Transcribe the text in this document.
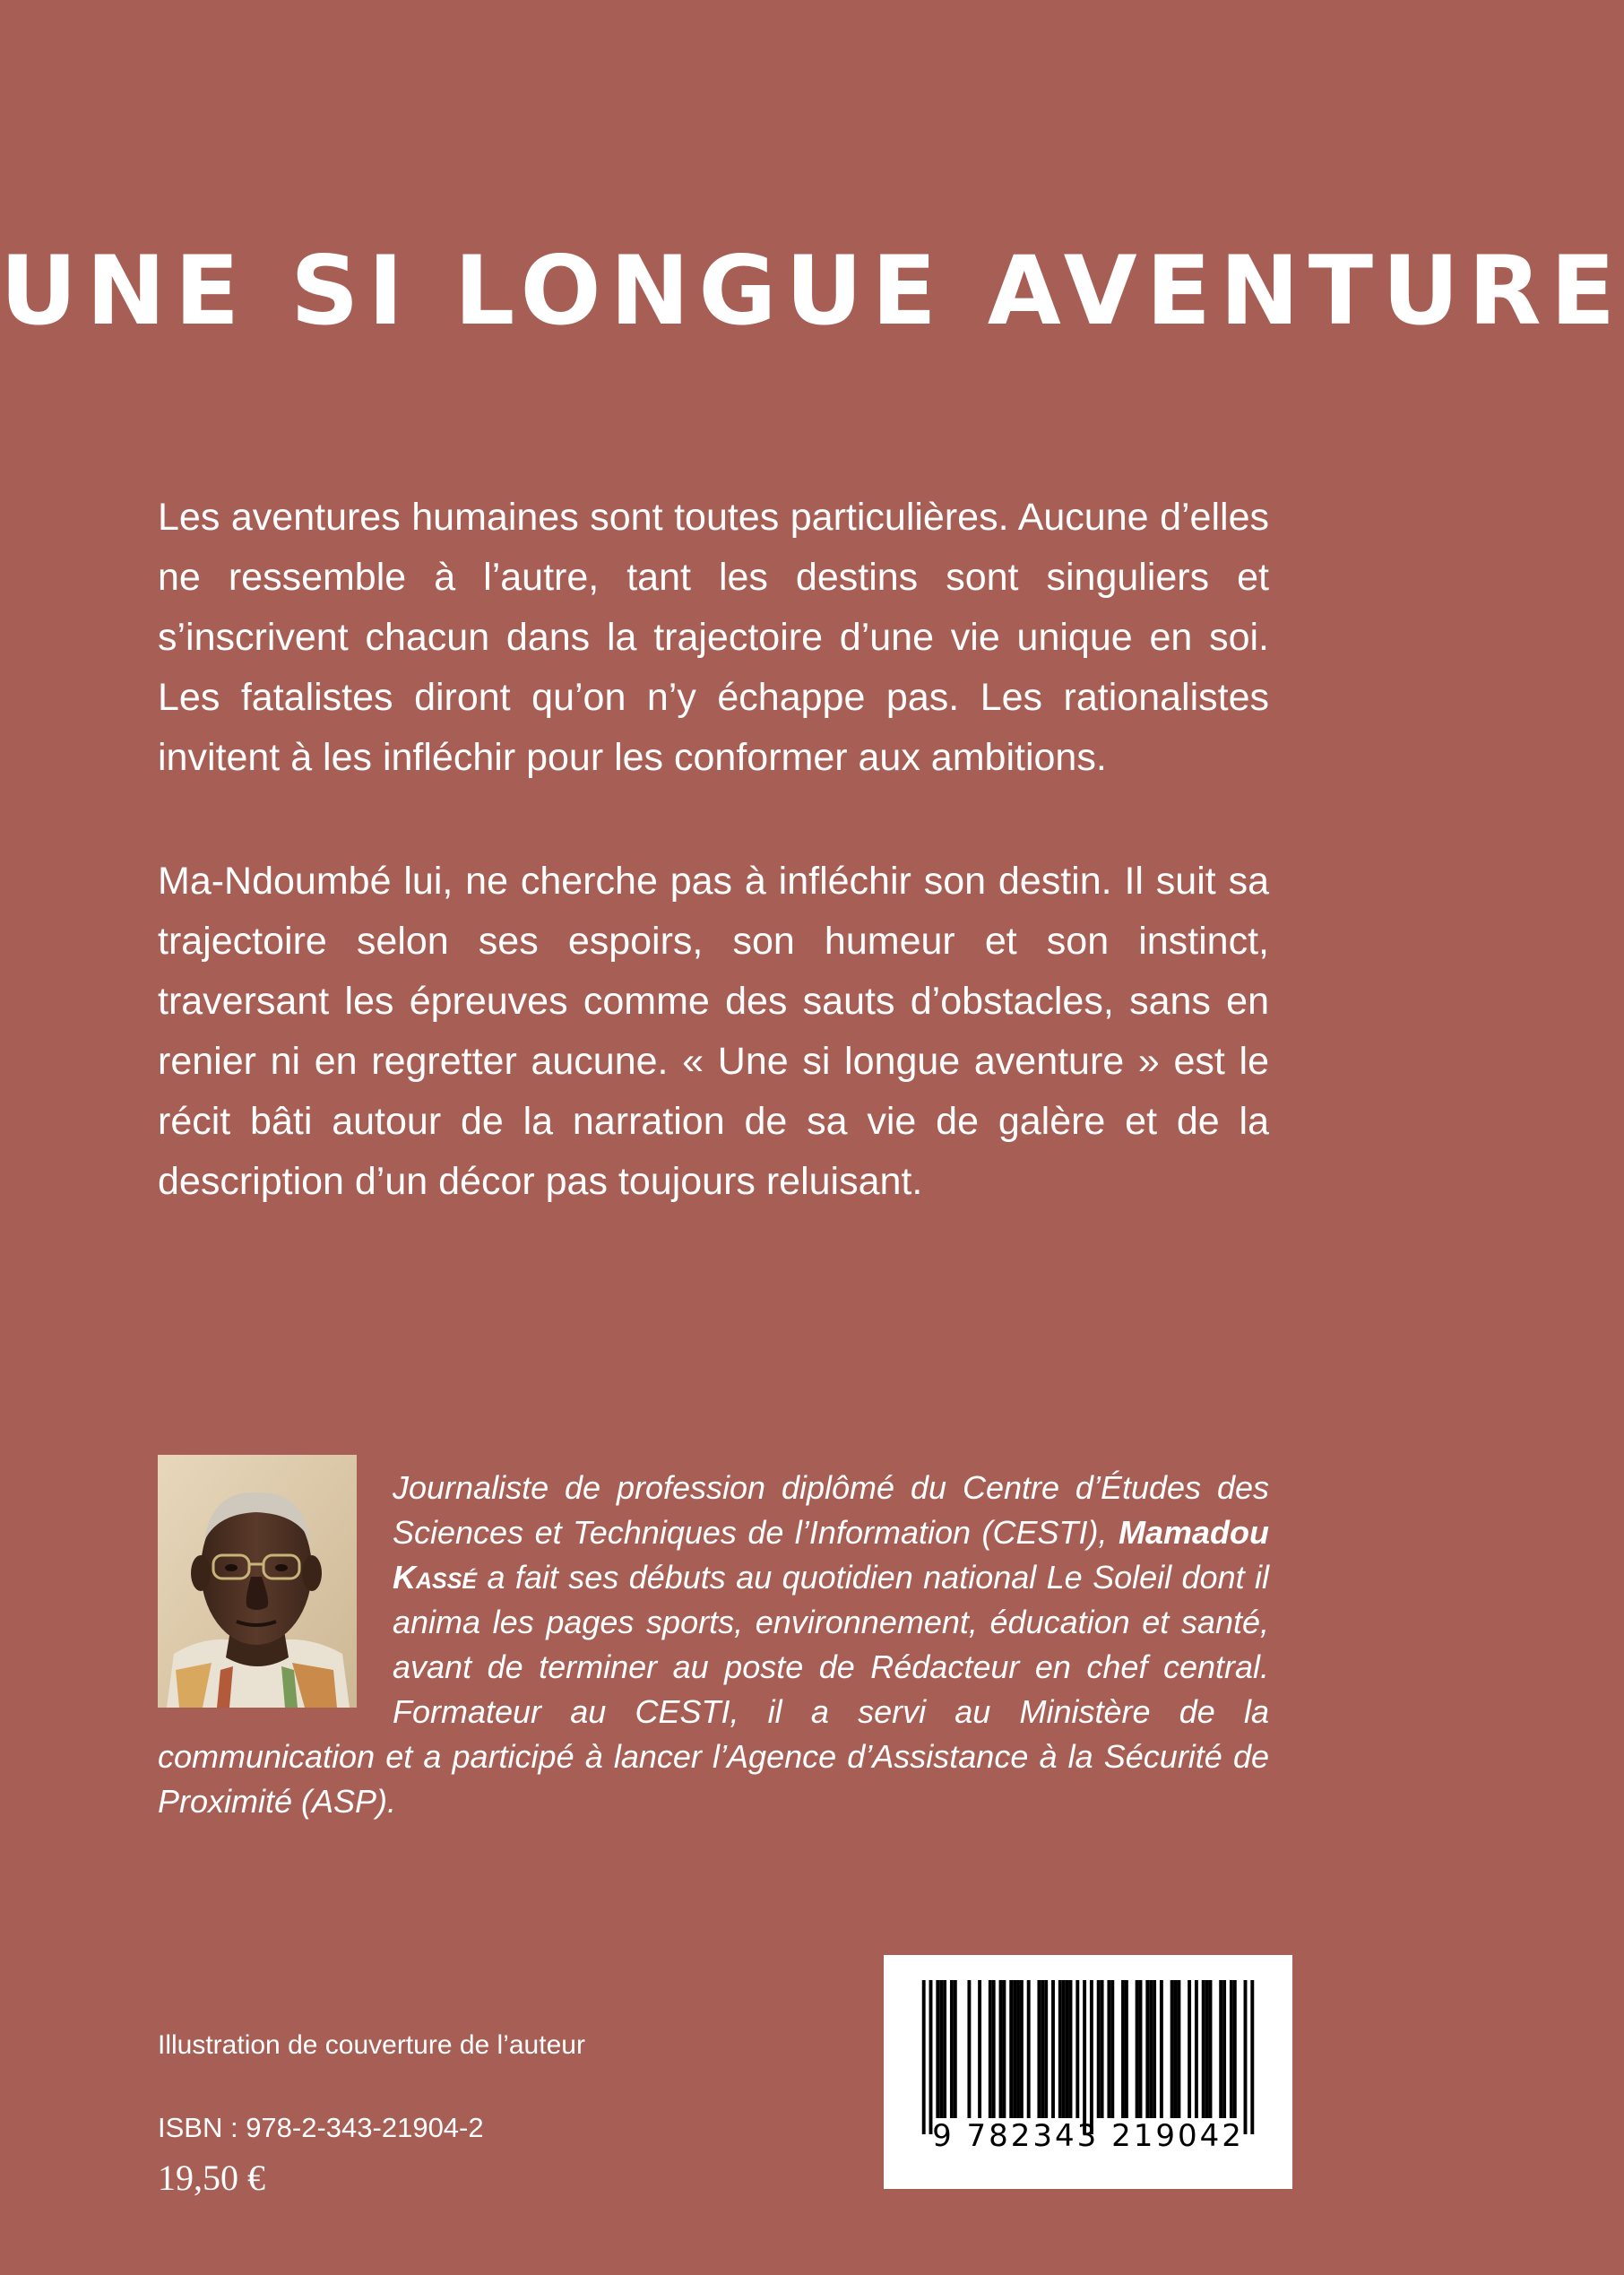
UNE SI LONGUE AVENTURE
Les aventures humaines sont toutes particulières. Aucune d’elles ne ressemble à l’autre, tant les destins sont singuliers et s’inscrivent chacun dans la trajectoire d’une vie unique en soi. Les fatalistes diront qu’on n’y échappe pas. Les rationalistes invitent à les infléchir pour les conformer aux ambitions.
Ma-Ndoumbé lui, ne cherche pas à infléchir son destin. Il suit sa trajectoire selon ses espoirs, son humeur et son instinct, traversant les épreuves comme des sauts d’obstacles, sans en renier ni en regretter aucune. « Une si longue aventure » est le récit bâti autour de la narration de sa vie de galère et de la description d’un décor pas toujours reluisant.
Journaliste de profession diplômé du Centre d’Études des Sciences et Techniques de l’Information (CESTI), Mamadou Kassé a fait ses débuts au quotidien national Le Soleil dont il anima les pages sports, environnement, éducation et santé, avant de terminer au poste de Rédacteur en chef central. Formateur au CESTI, il a servi au Ministère de la communication et a participé à lancer l’Agence d’Assistance à la Sécurité de Proximité (ASP).
Illustration de couverture de l’auteur
ISBN : 978-2-343-21904-2
19,50 €
9 782343 219042
